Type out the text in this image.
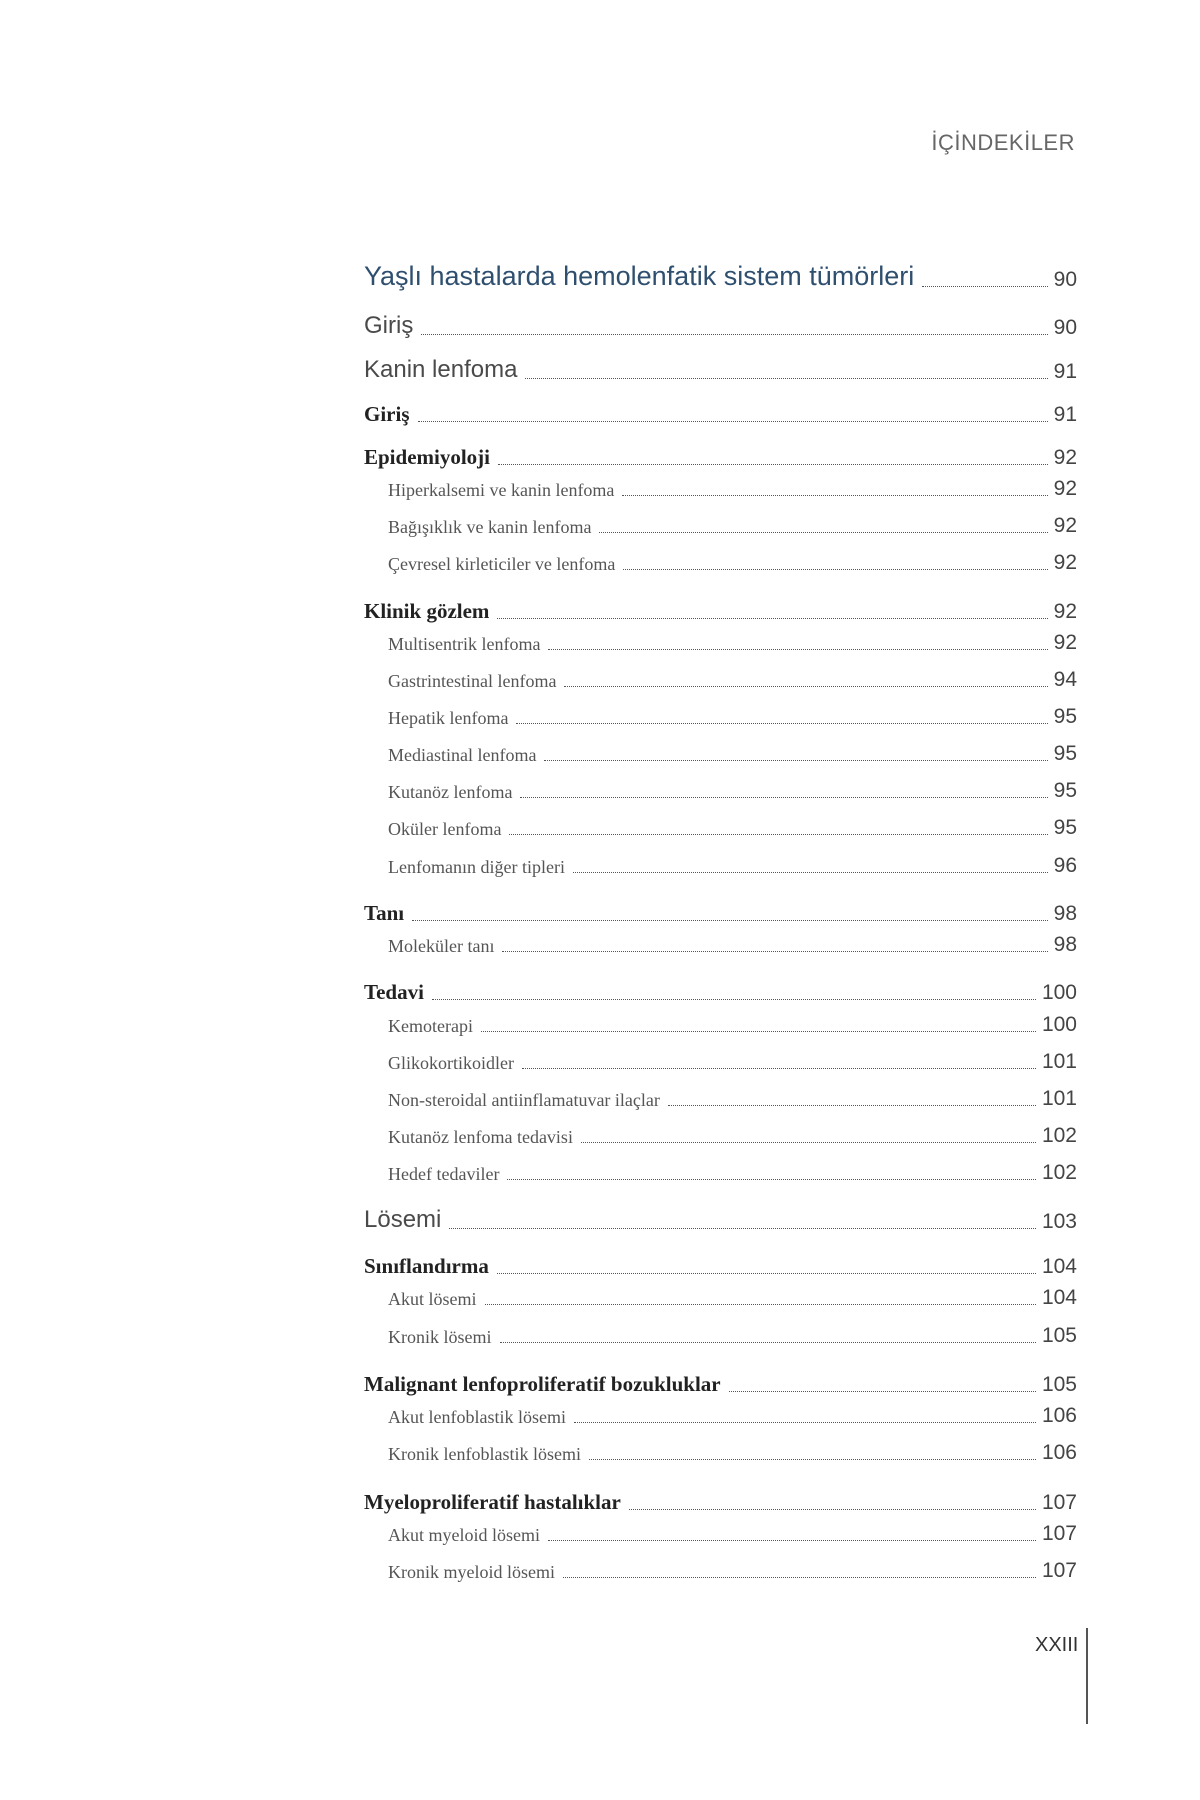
İÇİNDEKİLER
Yaşlı hastalarda hemolenfatik sistem tümörleri	90
Giriş	90
Kanin lenfoma	91
Giriş	91
Epidemiyoloji	92
Hiperkalsemi ve kanin lenfoma	92
Bağışıklık ve kanin lenfoma	92
Çevresel kirleticiler ve lenfoma	92
Klinik gözlem	92
Multisentrik lenfoma	92
Gastrintestinal lenfoma	94
Hepatik lenfoma	95
Mediastinal lenfoma	95
Kutanöz lenfoma	95
Oküler lenfoma	95
Lenfomanın diğer tipleri	96
Tanı	98
Moleküler tanı	98
Tedavi	100
Kemoterapi	100
Glikokortikoidler	101
Non-steroidal antiinflamatuvar ilaçlar	101
Kutanöz lenfoma tedavisi	102
Hedef tedaviler	102
Lösemi	103
Sınıflandırma	104
Akut lösemi	104
Kronik lösemi	105
Malignant lenfoproliferatif bozukluklar	105
Akut lenfoblastik lösemi	106
Kronik lenfoblastik lösemi	106
Myeloproliferatif hastalıklar	107
Akut myeloid lösemi	107
Kronik myeloid lösemi	107
XXIII
